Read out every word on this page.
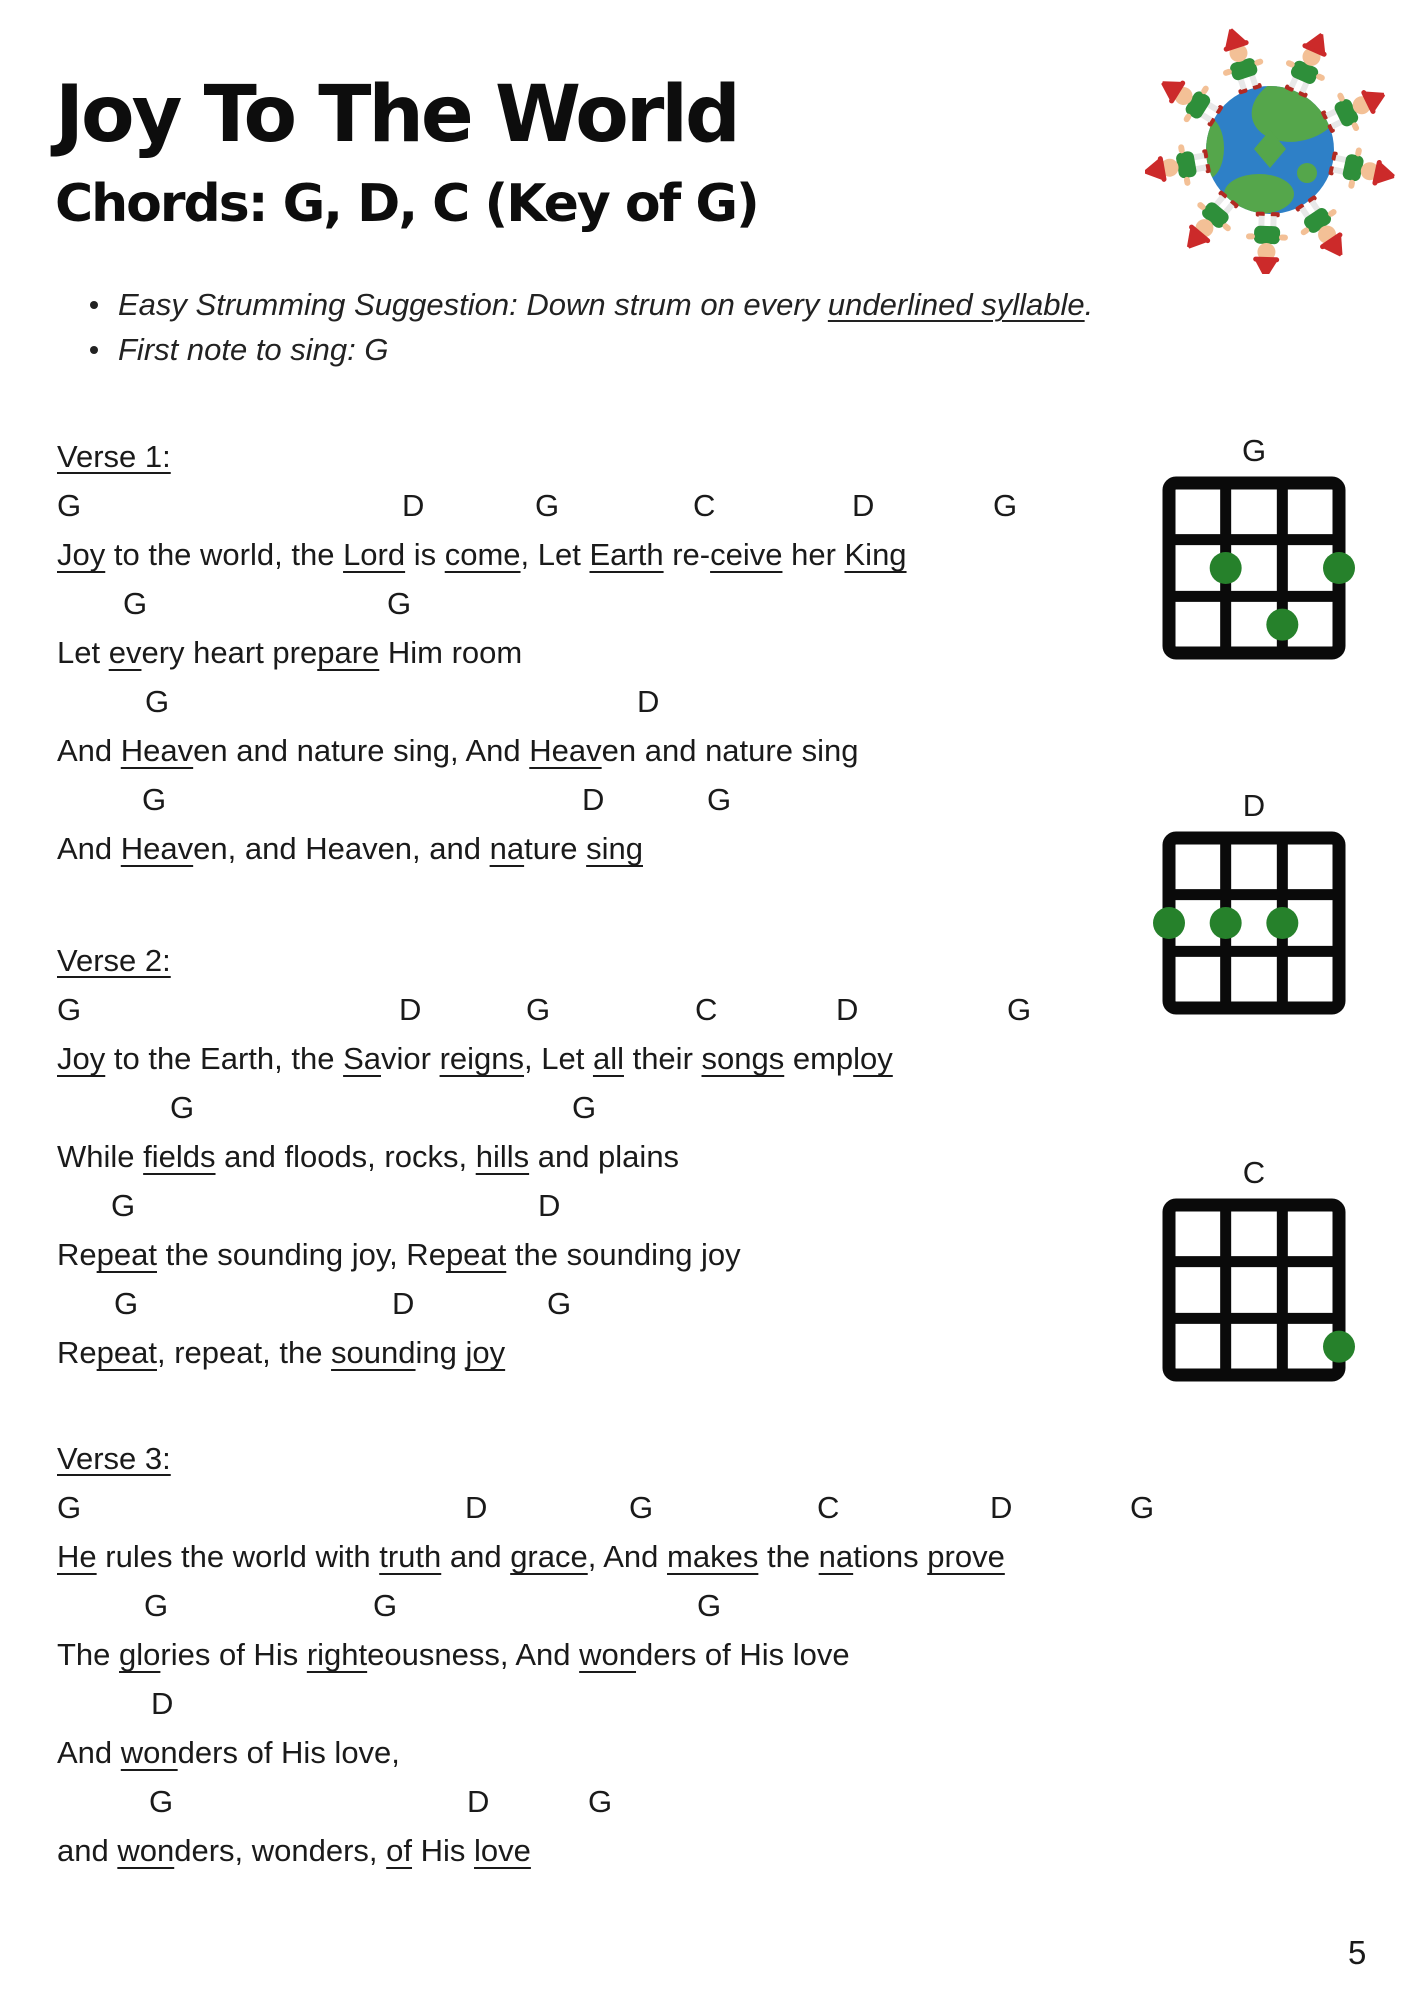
Joy To The World
Chords: G, D, C (Key of G)
Easy Strumming Suggestion: Down strum on every underlined syllable.
First note to sing: G
Verse 1:
G	D	G	C	D	G
Joy to the world, the Lord is come, Let Earth re-ceive her King
G	G
Let every heart prepare Him room
G	D
And Heaven and nature sing, And Heaven and nature sing
G	D	G
And Heaven, and Heaven, and nature sing
Verse 2:
G	D	G	C	D	G
Joy to the Earth, the Savior reigns, Let all their songs employ
G	G
While fields and floods, rocks, hills and plains
G	D
Repeat the sounding joy, Repeat the sounding joy
G	D	G
Repeat, repeat, the sounding joy
Verse 3:
G	D	G	C	D	G
He rules the world with truth and grace, And makes the nations prove
G	G	G
The glories of His righteousness, And wonders of His love
D
And wonders of His love,
G	D	G
and wonders, wonders, of His love
G
D
C
5
